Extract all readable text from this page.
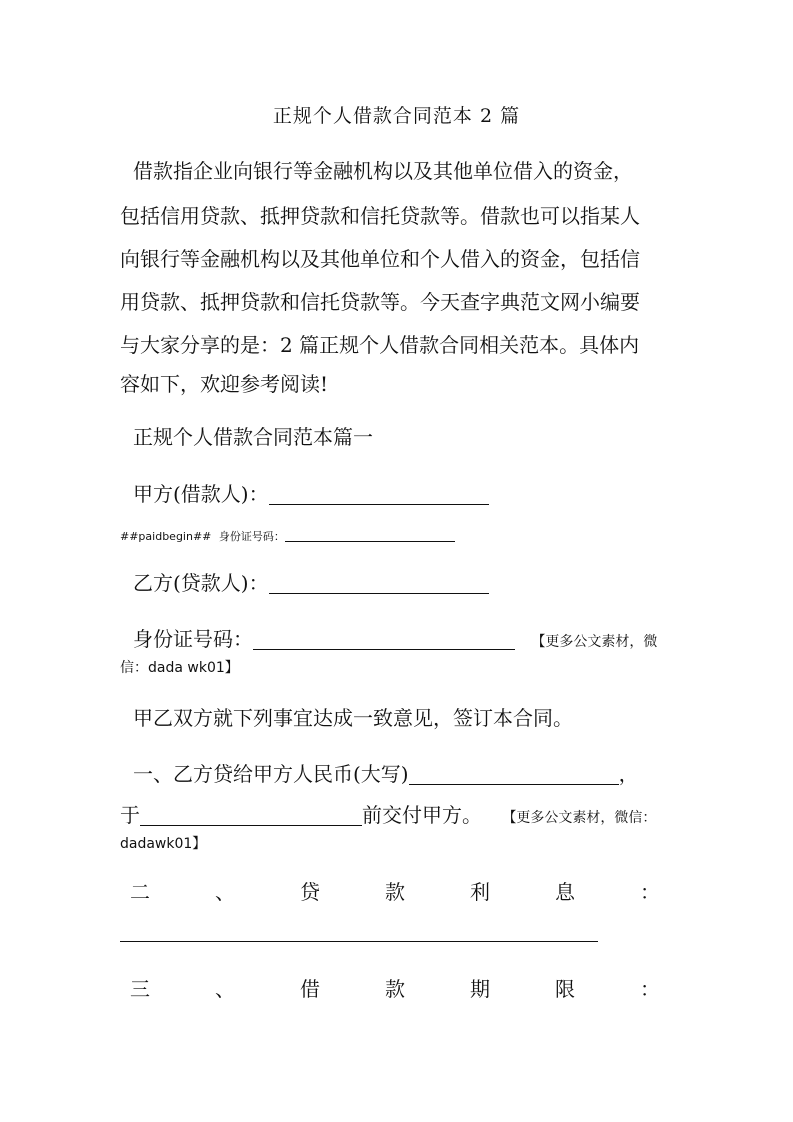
正规个人借款合同范本 2 篇
借款指企业向银行等金融机构以及其他单位借入的资金，
包括信用贷款、抵押贷款和信托贷款等。借款也可以指某人
向银行等金融机构以及其他单位和个人借入的资金，包括信
用贷款、抵押贷款和信托贷款等。今天查字典范文网小编要
与大家分享的是：2 篇正规个人借款合同相关范本。具体内
容如下，欢迎参考阅读!
正规个人借款合同范本篇一
甲方(借款人)：
##paidbegin## 身份证号码：
乙方(贷款人)：
身份证号码：	【更多公文素材，微
信：dada wk01】
甲乙双方就下列事宜达成一致意见，签订本合同。
一、乙方贷给甲方人民币(大写)	，
于	前交付甲方。 【更多公文素材，微信：
dadawk01】
二	、	贷	款	利	息	：
三	、	借	款	期	限	：
